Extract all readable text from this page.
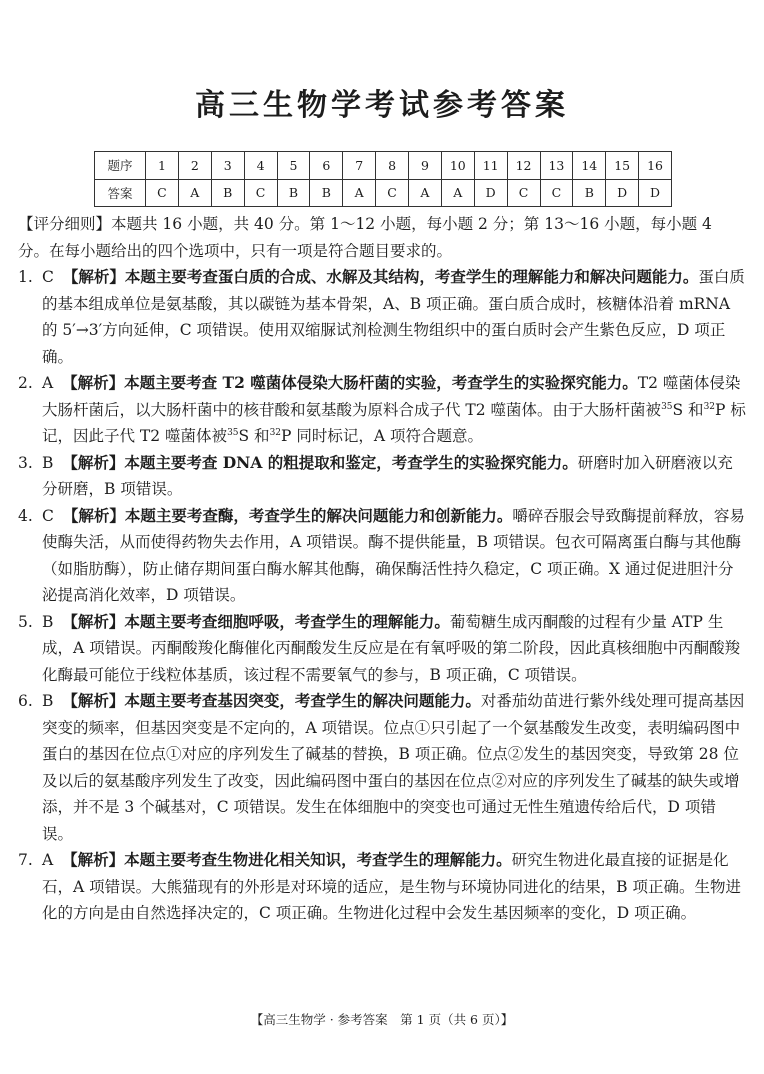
高三生物学考试参考答案
题序	1	2	3	4	5	6	7	8	9	10	11	12	13	14	15	16
答案	C	A	B	C	B	B	A	C	A	A	D	C	C	B	D	D

【评分细则】本题共 16 小题，共 40 分。第 1～12 小题，每小题 2 分；第 13～16 小题，每小题 4 分。在每小题给出的四个选项中，只有一项是符合题目要求的。

1. C 【解析】本题主要考查蛋白质的合成、水解及其结构，考查学生的理解能力和解决问题能力。蛋白质的基本组成单位是氨基酸，其以碳链为基本骨架，A、B 项正确。蛋白质合成时，核糖体沿着 mRNA 的 5′→3′方向延伸，C 项错误。使用双缩脲试剂检测生物组织中的蛋白质时会产生紫色反应，D 项正确。

2. A 【解析】本题主要考查 T2 噬菌体侵染大肠杆菌的实验，考查学生的实验探究能力。T2 噬菌体侵染大肠杆菌后，以大肠杆菌中的核苷酸和氨基酸为原料合成子代 T2 噬菌体。由于大肠杆菌被$^{35}$S 和$^{32}$P 标记，因此子代 T2 噬菌体被$^{35}$S 和$^{32}$P 同时标记，A 项符合题意。

3. B 【解析】本题主要考查 DNA 的粗提取和鉴定，考查学生的实验探究能力。研磨时加入研磨液以充分研磨，B 项错误。

4. C 【解析】本题主要考查酶，考查学生的解决问题能力和创新能力。嚼碎吞服会导致酶提前释放，容易使酶失活，从而使得药物失去作用，A 项错误。酶不提供能量，B 项错误。包衣可隔离蛋白酶与其他酶（如脂肪酶），防止储存期间蛋白酶水解其他酶，确保酶活性持久稳定，C 项正确。X 通过促进胆汁分泌提高消化效率，D 项错误。

5. B 【解析】本题主要考查细胞呼吸，考查学生的理解能力。葡萄糖生成丙酮酸的过程有少量 ATP 生成，A 项错误。丙酮酸羧化酶催化丙酮酸发生反应是在有氧呼吸的第二阶段，因此真核细胞中丙酮酸羧化酶最可能位于线粒体基质，该过程不需要氧气的参与，B 项正确，C 项错误。

6. B 【解析】本题主要考查基因突变，考查学生的解决问题能力。对番茄幼苗进行紫外线处理可提高基因突变的频率，但基因突变是不定向的，A 项错误。位点①只引起了一个氨基酸发生改变，表明编码图中蛋白的基因在位点①对应的序列发生了碱基的替换，B 项正确。位点②发生的基因突变，导致第 28 位及以后的氨基酸序列发生了改变，因此编码图中蛋白的基因在位点②对应的序列发生了碱基的缺失或增添，并不是 3 个碱基对，C 项错误。发生在体细胞中的突变也可通过无性生殖遗传给后代，D 项错误。

7. A 【解析】本题主要考查生物进化相关知识，考查学生的理解能力。研究生物进化最直接的证据是化石，A 项错误。大熊猫现有的外形是对环境的适应，是生物与环境协同进化的结果，B 项正确。生物进化的方向是由自然选择决定的，C 项正确。生物进化过程中会发生基因频率的变化，D 项正确。

【高三生物学 · 参考答案　第 1 页（共 6 页）】
